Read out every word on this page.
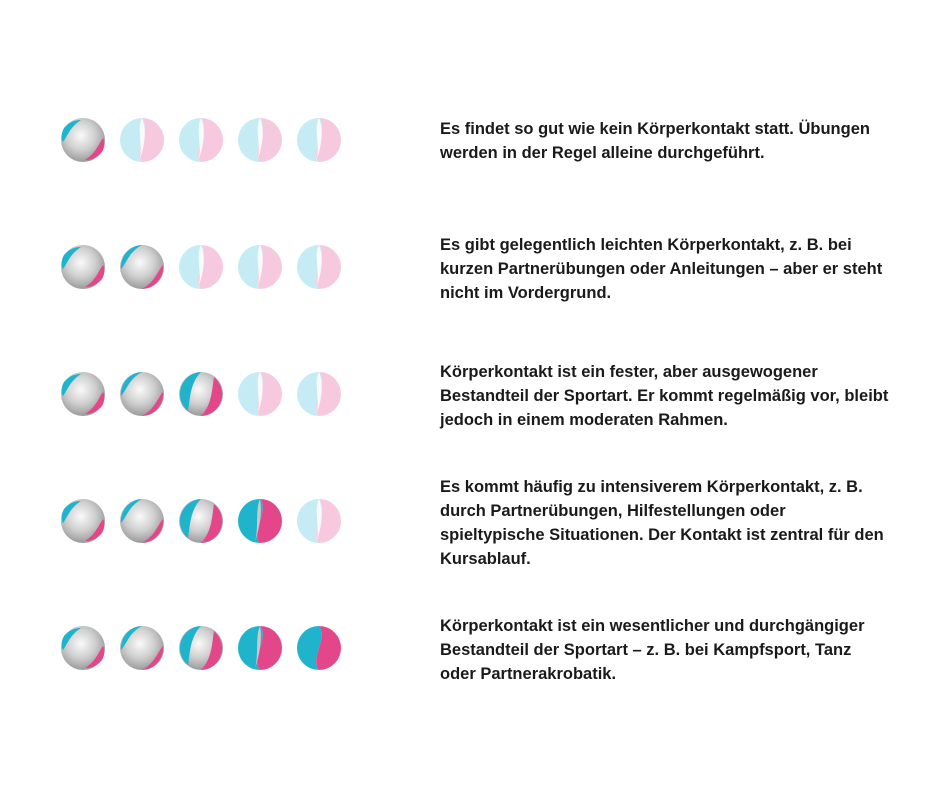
Es findet so gut wie kein Körperkontakt statt. Übungen werden in der Regel alleine durchgeführt.

Es gibt gelegentlich leichten Körperkontakt, z. B. bei kurzen Partnerübungen oder Anleitungen – aber er steht nicht im Vordergrund.

Körperkontakt ist ein fester, aber ausgewogener Bestandteil der Sportart. Er kommt regelmäßig vor, bleibt jedoch in einem moderaten Rahmen.

Es kommt häufig zu intensiverem Körperkontakt, z. B. durch Partnerübungen, Hilfestellungen oder spieltypische Situationen. Der Kontakt ist zentral für den Kursablauf.

Körperkontakt ist ein wesentlicher und durchgängiger Bestandteil der Sportart – z. B. bei Kampfsport, Tanz oder Partnerakrobatik.
